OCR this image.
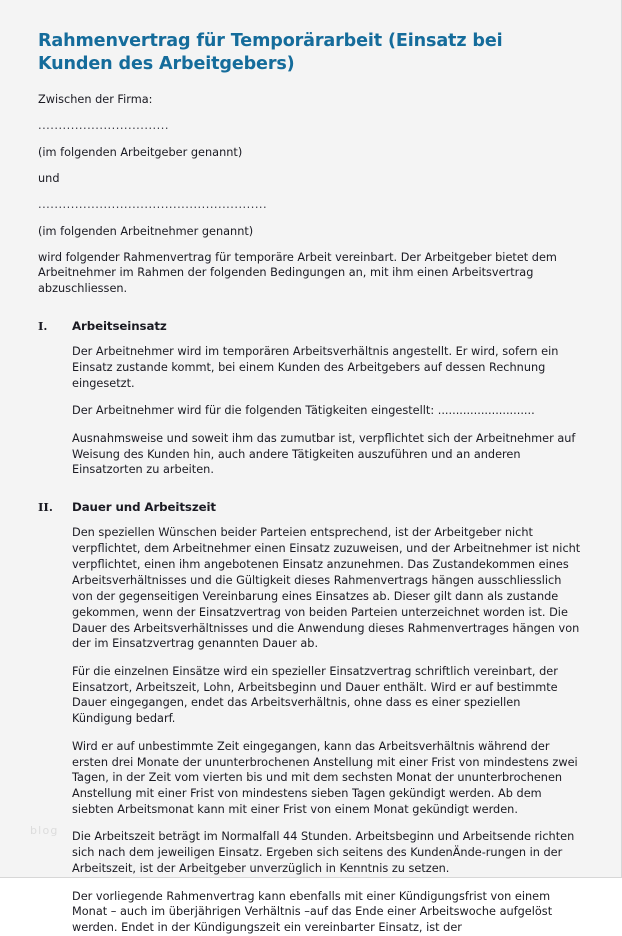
Rahmenvertrag für Temporärarbeit (Einsatz bei Kunden des Arbeitgebers)

Zwischen der Firma:

................................

(im folgenden Arbeitgeber genannt)

und

........................................................

(im folgenden Arbeitnehmer genannt)

wird folgender Rahmenvertrag für temporäre Arbeit vereinbart. Der Arbeitgeber bietet dem Arbeitnehmer im Rahmen der folgenden Bedingungen an, mit ihm einen Arbeitsvertrag abzuschliessen.

I.	Arbeitseinsatz

Der Arbeitnehmer wird im temporären Arbeitsverhältnis angestellt. Er wird, sofern ein Einsatz zustande kommt, bei einem Kunden des Arbeitgebers auf dessen Rechnung eingesetzt.

Der Arbeitnehmer wird für die folgenden Tätigkeiten eingestellt: ...........................

Ausnahmsweise und soweit ihm das zumutbar ist, verpflichtet sich der Arbeitnehmer auf Weisung des Kunden hin, auch andere Tätigkeiten auszuführen und an anderen Einsatzorten zu arbeiten.

II.	Dauer und Arbeitszeit

Den speziellen Wünschen beider Parteien entsprechend, ist der Arbeitgeber nicht verpflichtet, dem Arbeitnehmer einen Einsatz zuzuweisen, und der Arbeitnehmer ist nicht verpflichtet, einen ihm angebotenen Einsatz anzunehmen. Das Zustandekommen eines Arbeitsverhältnisses und die Gültigkeit dieses Rahmenvertrags hängen ausschliesslich von der gegenseitigen Vereinbarung eines Einsatzes ab. Dieser gilt dann als zustande gekommen, wenn der Einsatzvertrag von beiden Parteien unterzeichnet worden ist. Die Dauer des Arbeitsverhältnisses und die Anwendung dieses Rahmenvertrages hängen von der im Einsatzvertrag genannten Dauer ab.

Für die einzelnen Einsätze wird ein spezieller Einsatzvertrag schriftlich vereinbart, der Einsatzort, Arbeitszeit, Lohn, Arbeitsbeginn und Dauer enthält. Wird er auf bestimmte Dauer eingegangen, endet das Arbeitsverhältnis, ohne dass es einer speziellen Kündigung bedarf.

Wird er auf unbestimmte Zeit eingegangen, kann das Arbeitsverhältnis während der ersten drei Monate der ununterbrochenen Anstellung mit einer Frist von mindestens zwei Tagen, in der Zeit vom vierten bis und mit dem sechsten Monat der ununterbrochenen Anstellung mit einer Frist von mindestens sieben Tagen gekündigt werden. Ab dem siebten Arbeitsmonat kann mit einer Frist von einem Monat gekündigt werden.

Die Arbeitszeit beträgt im Normalfall 44 Stunden. Arbeitsbeginn und Arbeitsende richten sich nach dem jeweiligen Einsatz. Ergeben sich seitens des KundenÄnde-rungen in der Arbeitszeit, ist der Arbeitgeber unverzüglich in Kenntnis zu setzen.

Der vorliegende Rahmenvertrag kann ebenfalls mit einer Kündigungsfrist von einem Monat – auch im überjährigen Verhältnis –auf das Ende einer Arbeitswoche aufgelöst werden. Endet in der Kündigungszeit ein vereinbarter Einsatz, ist der

blog
